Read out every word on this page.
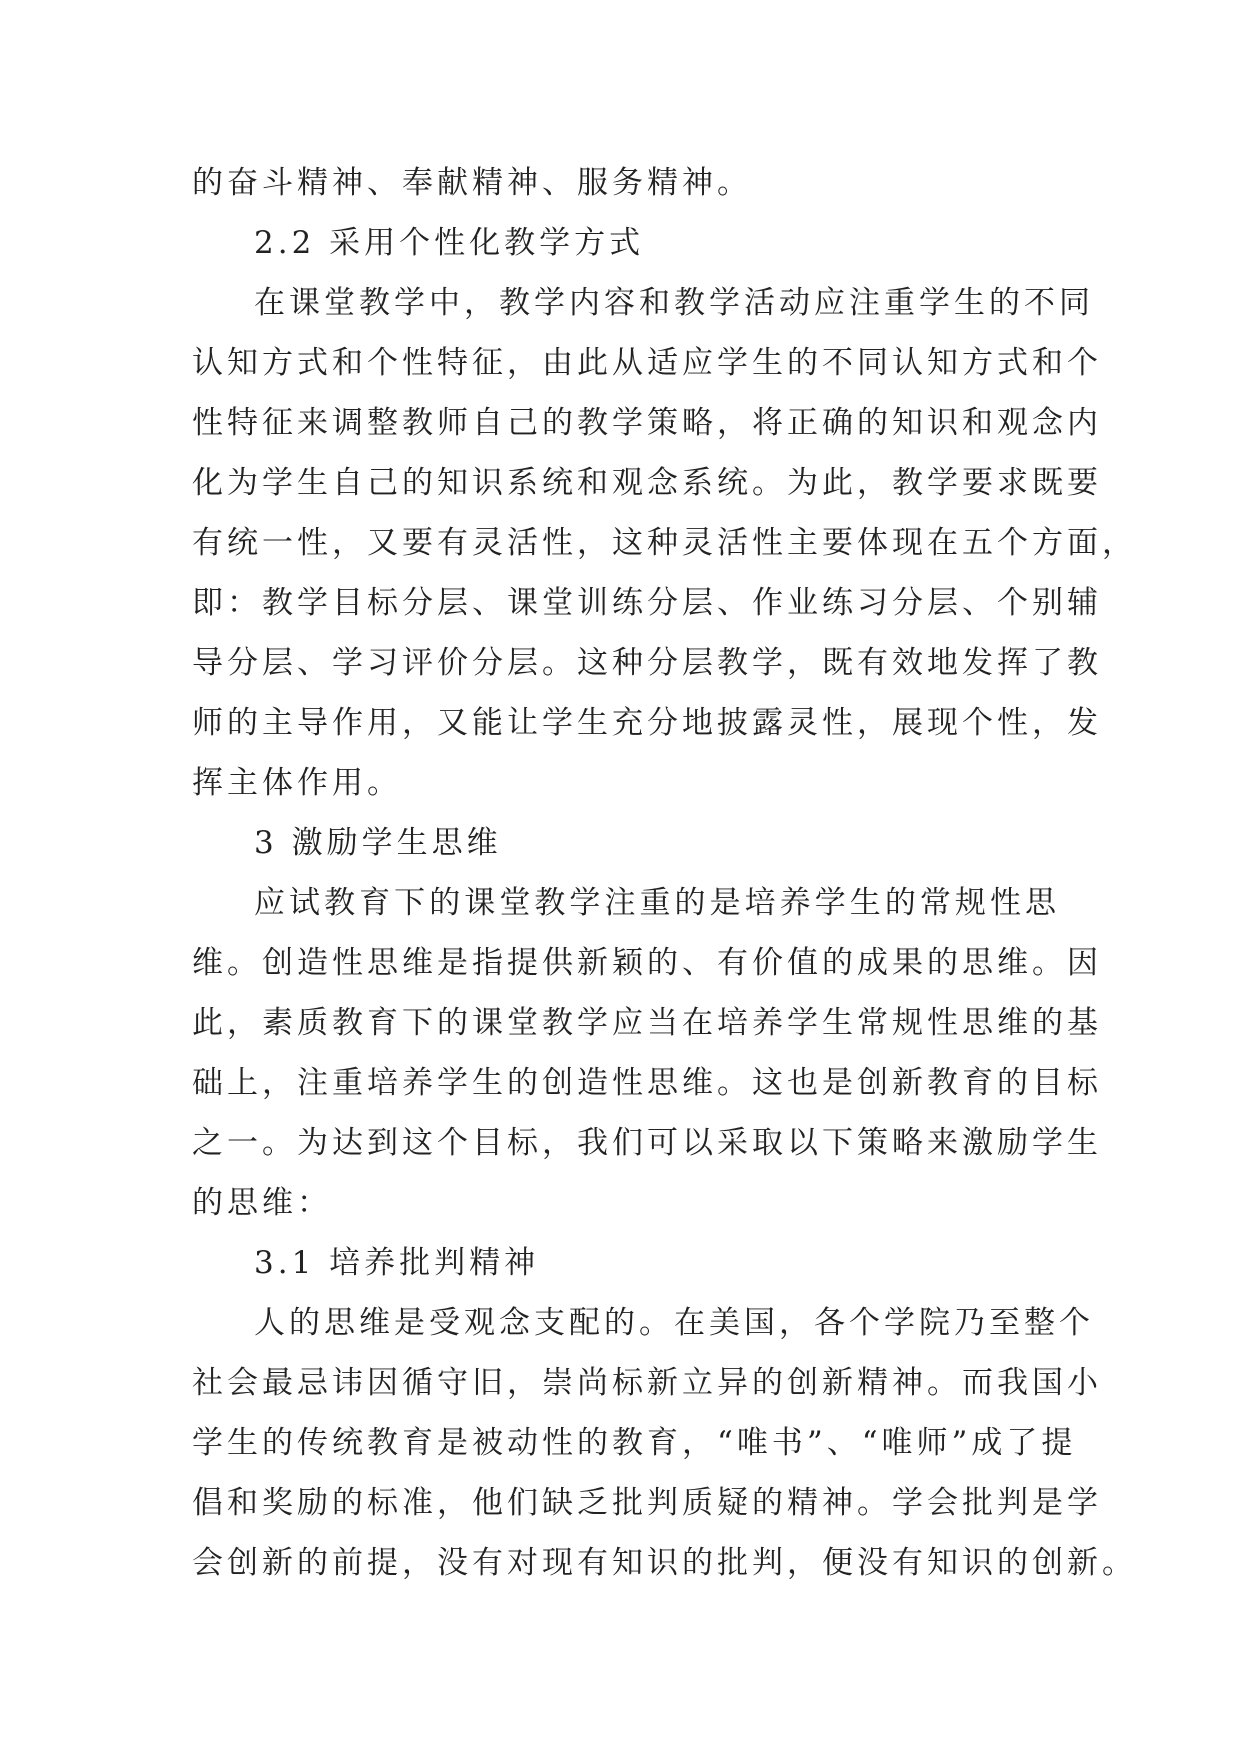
的奋斗精神、奉献精神、服务精神。
2.2 采用个性化教学方式
在课堂教学中，教学内容和教学活动应注重学生的不同
认知方式和个性特征，由此从适应学生的不同认知方式和个
性特征来调整教师自己的教学策略，将正确的知识和观念内
化为学生自己的知识系统和观念系统。为此，教学要求既要
有统一性，又要有灵活性，这种灵活性主要体现在五个方面，
即：教学目标分层、课堂训练分层、作业练习分层、个别辅
导分层、学习评价分层。这种分层教学，既有效地发挥了教
师的主导作用，又能让学生充分地披露灵性，展现个性，发
挥主体作用。
3 激励学生思维
应试教育下的课堂教学注重的是培养学生的常规性思
维。创造性思维是指提供新颖的、有价值的成果的思维。因
此，素质教育下的课堂教学应当在培养学生常规性思维的基
础上，注重培养学生的创造性思维。这也是创新教育的目标
之一。为达到这个目标，我们可以采取以下策略来激励学生
的思维：
3.1 培养批判精神
人的思维是受观念支配的。在美国，各个学院乃至整个
社会最忌讳因循守旧，崇尚标新立异的创新精神。而我国小
学生的传统教育是被动性的教育，“唯书”、“唯师”成了提
倡和奖励的标准，他们缺乏批判质疑的精神。学会批判是学
会创新的前提，没有对现有知识的批判，便没有知识的创新。
